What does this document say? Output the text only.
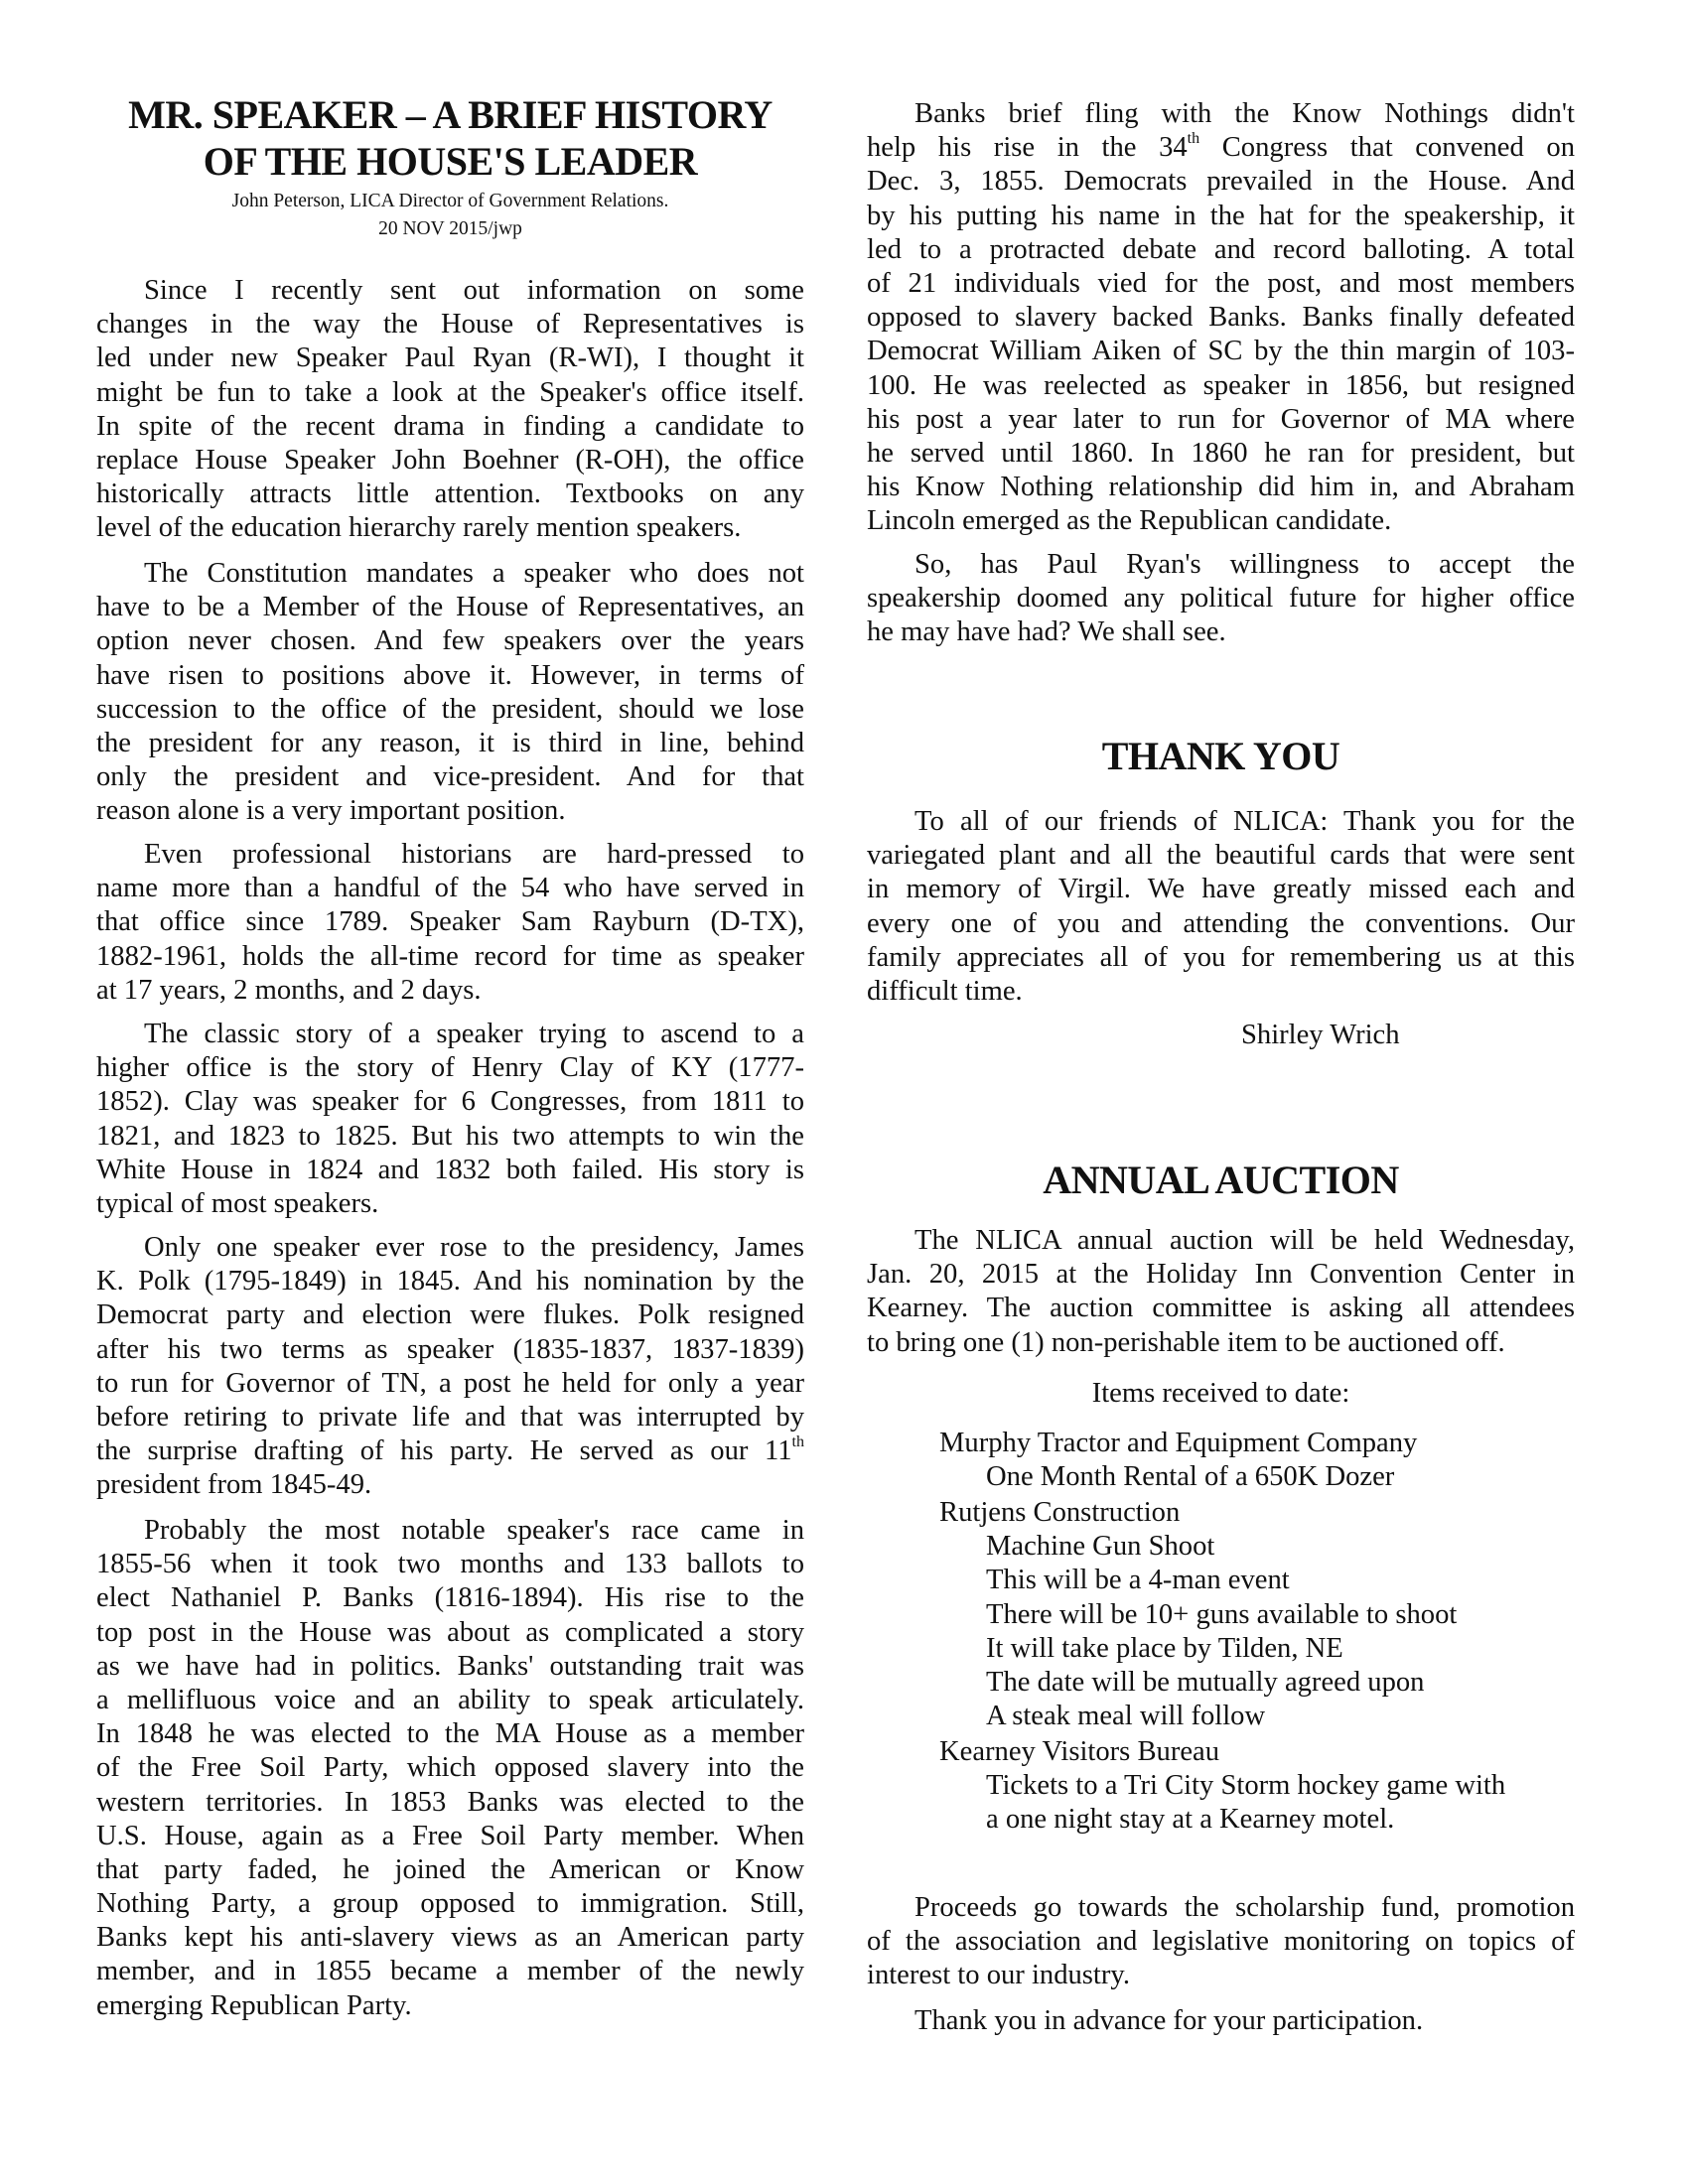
MR. SPEAKER – A BRIEF HISTORY
OF THE HOUSE'S LEADER
John Peterson, LICA Director of Government Relations.
20 NOV 2015/jwp
Since I recently sent out information on some
changes in the way the House of Representatives is
led under new Speaker Paul Ryan (R-WI), I thought it
might be fun to take a look at the Speaker's office itself.
In spite of the recent drama in finding a candidate to
replace House Speaker John Boehner (R-OH), the office
historically attracts little attention. Textbooks on any
level of the education hierarchy rarely mention speakers.
The Constitution mandates a speaker who does not
have to be a Member of the House of Representatives, an
option never chosen. And few speakers over the years
have risen to positions above it. However, in terms of
succession to the office of the president, should we lose
the president for any reason, it is third in line, behind
only the president and vice-president. And for that
reason alone is a very important position.
Even professional historians are hard-pressed to
name more than a handful of the 54 who have served in
that office since 1789. Speaker Sam Rayburn (D-TX),
1882-1961, holds the all-time record for time as speaker
at 17 years, 2 months, and 2 days.
The classic story of a speaker trying to ascend to a
higher office is the story of Henry Clay of KY (1777-
1852). Clay was speaker for 6 Congresses, from 1811 to
1821, and 1823 to 1825. But his two attempts to win the
White House in 1824 and 1832 both failed. His story is
typical of most speakers.
Only one speaker ever rose to the presidency, James
K. Polk (1795-1849) in 1845. And his nomination by the
Democrat party and election were flukes. Polk resigned
after his two terms as speaker (1835-1837, 1837-1839)
to run for Governor of TN, a post he held for only a year
before retiring to private life and that was interrupted by
the surprise drafting of his party. He served as our 11th
president from 1845-49.
Probably the most notable speaker's race came in
1855-56 when it took two months and 133 ballots to
elect Nathaniel P. Banks (1816-1894). His rise to the
top post in the House was about as complicated a story
as we have had in politics. Banks' outstanding trait was
a mellifluous voice and an ability to speak articulately.
In 1848 he was elected to the MA House as a member
of the Free Soil Party, which opposed slavery into the
western territories. In 1853 Banks was elected to the
U.S. House, again as a Free Soil Party member. When
that party faded, he joined the American or Know
Nothing Party, a group opposed to immigration. Still,
Banks kept his anti-slavery views as an American party
member, and in 1855 became a member of the newly
emerging Republican Party.
Banks brief fling with the Know Nothings didn't
help his rise in the 34th Congress that convened on
Dec. 3, 1855. Democrats prevailed in the House. And
by his putting his name in the hat for the speakership, it
led to a protracted debate and record balloting. A total
of 21 individuals vied for the post, and most members
opposed to slavery backed Banks. Banks finally defeated
Democrat William Aiken of SC by the thin margin of 103-
100. He was reelected as speaker in 1856, but resigned
his post a year later to run for Governor of MA where
he served until 1860. In 1860 he ran for president, but
his Know Nothing relationship did him in, and Abraham
Lincoln emerged as the Republican candidate.
So, has Paul Ryan's willingness to accept the
speakership doomed any political future for higher office
he may have had? We shall see.
THANK YOU
To all of our friends of NLICA: Thank you for the
variegated plant and all the beautiful cards that were sent
in memory of Virgil. We have greatly missed each and
every one of you and attending the conventions. Our
family appreciates all of you for remembering us at this
difficult time.
Shirley Wrich
ANNUAL AUCTION
The NLICA annual auction will be held Wednesday,
Jan. 20, 2015 at the Holiday Inn Convention Center in
Kearney. The auction committee is asking all attendees
to bring one (1) non-perishable item to be auctioned off.
Items received to date:
Murphy Tractor and Equipment Company
One Month Rental of a 650K Dozer
Rutjens Construction
Machine Gun Shoot
This will be a 4-man event
There will be 10+ guns available to shoot
It will take place by Tilden, NE
The date will be mutually agreed upon
A steak meal will follow
Kearney Visitors Bureau
Tickets to a Tri City Storm hockey game with
a one night stay at a Kearney motel.
Proceeds go towards the scholarship fund, promotion
of the association and legislative monitoring on topics of
interest to our industry.
Thank you in advance for your participation.
